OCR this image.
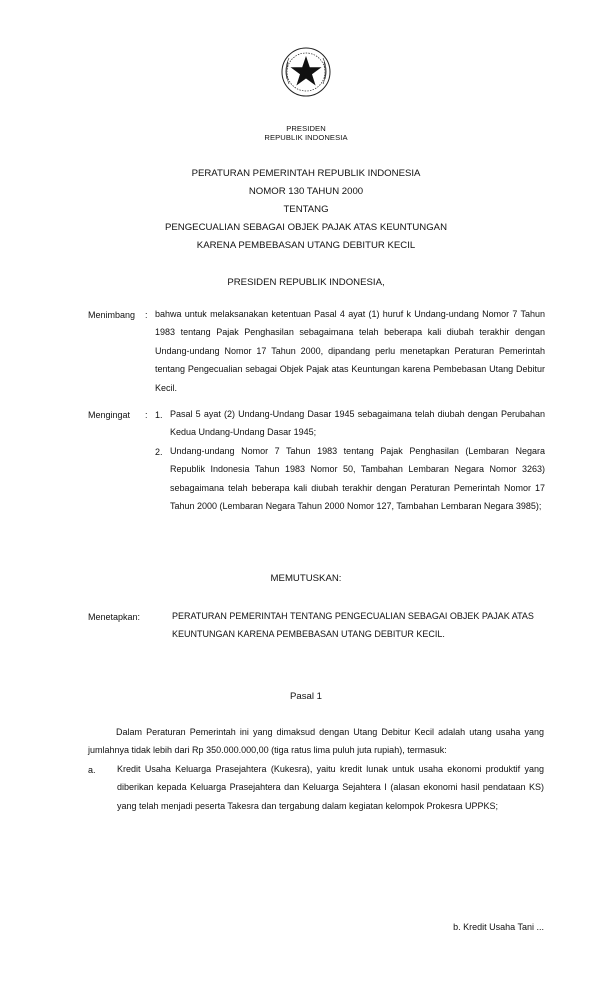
PRESIDEN
REPUBLIK INDONESIA
PERATURAN PEMERINTAH REPUBLIK INDONESIA
NOMOR 130 TAHUN 2000
TENTANG
PENGECUALIAN SEBAGAI OBJEK PAJAK ATAS KEUNTUNGAN
KARENA PEMBEBASAN UTANG DEBITUR KECIL
PRESIDEN REPUBLIK INDONESIA,
Menimbang : bahwa untuk melaksanakan ketentuan Pasal 4 ayat (1) huruf k Undang-undang Nomor 7 Tahun 1983 tentang Pajak Penghasilan sebagaimana telah beberapa kali diubah terakhir dengan Undang-undang Nomor 17 Tahun 2000, dipandang perlu menetapkan Peraturan Pemerintah tentang Pengecualian sebagai Objek Pajak atas Keuntungan karena Pembebasan Utang Debitur Kecil.
Mengingat : 1. Pasal 5 ayat (2) Undang-Undang Dasar 1945 sebagaimana telah diubah dengan Perubahan Kedua Undang-Undang Dasar 1945;
2. Undang-undang Nomor 7 Tahun 1983 tentang Pajak Penghasilan (Lembaran Negara Republik Indonesia Tahun 1983 Nomor 50, Tambahan Lembaran Negara Nomor 3263) sebagaimana telah beberapa kali diubah terakhir dengan Peraturan Pemerintah Nomor 17 Tahun 2000 (Lembaran Negara Tahun 2000 Nomor 127, Tambahan Lembaran Negara 3985);
MEMUTUSKAN:
Menetapkan:	PERATURAN PEMERINTAH TENTANG PENGECUALIAN SEBAGAI OBJEK PAJAK ATAS KEUNTUNGAN KARENA PEMBEBASAN UTANG DEBITUR KECIL.
Pasal 1
Dalam Peraturan Pemerintah ini yang dimaksud dengan Utang Debitur Kecil adalah utang usaha yang jumlahnya tidak lebih dari Rp 350.000.000,00 (tiga ratus lima puluh juta rupiah), termasuk:
a. Kredit Usaha Keluarga Prasejahtera (Kukesra), yaitu kredit lunak untuk usaha ekonomi produktif yang diberikan kepada Keluarga Prasejahtera dan Keluarga Sejahtera I (alasan ekonomi hasil pendataan KS) yang telah menjadi peserta Takesra dan tergabung dalam kegiatan kelompok Prokesra UPPKS;
b. Kredit Usaha Tani ...
